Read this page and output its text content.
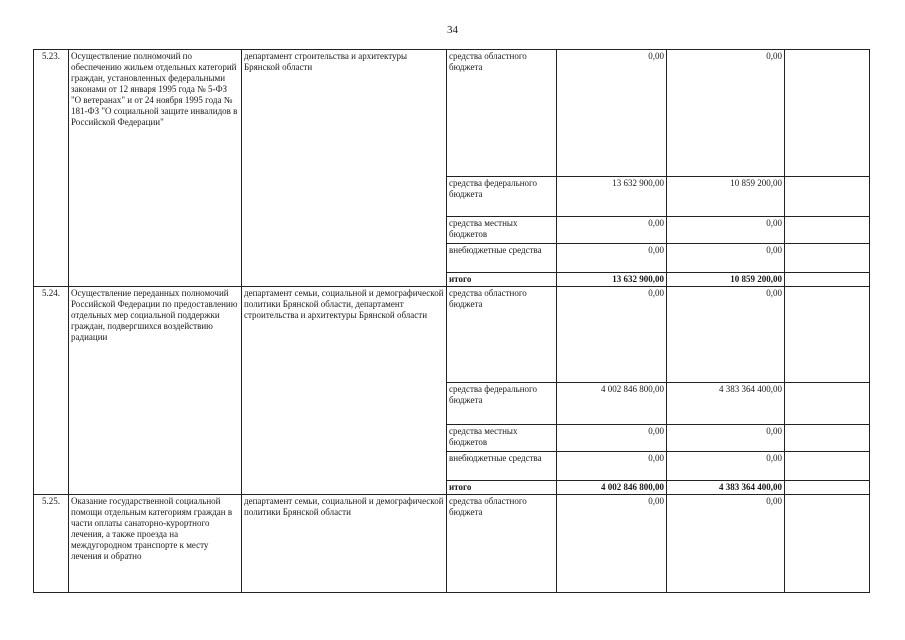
34
5.23.	Осуществление полномочий по обеспечению жильем отдельных категорий граждан, установленных федеральными законами от 12 января 1995 года № 5-ФЗ "О ветеранах" и от 24 ноября 1995 года № 181-ФЗ "О социальной защите инвалидов в Российской Федерации"	департамент строительства и архитектуры Брянской области	средства областного бюджета	0,00	0,00	
			средства федерального бюджета	13 632 900,00	10 859 200,00	
			средства местных бюджетов	0,00	0,00	
			внебюджетные средства	0,00	0,00	
			итого	13 632 900,00	10 859 200,00	
5.24.	Осуществление переданных полномочий Российской Федерации по предоставлению отдельных мер социальной поддержки граждан, подвергшихся воздействию радиации	департамент семьи, социальной и демографической политики Брянской области, департамент строительства и архитектуры Брянской области	средства областного бюджета	0,00	0,00	
			средства федерального бюджета	4 002 846 800,00	4 383 364 400,00	
			средства местных бюджетов	0,00	0,00	
			внебюджетные средства	0,00	0,00	
			итого	4 002 846 800,00	4 383 364 400,00	
5.25.	Оказание государственной социальной помощи отдельным категориям граждан в части оплаты санаторно-курортного лечения, а также проезда на междугородном транспорте к месту лечения и обратно	департамент семьи, социальной и демографической политики Брянской области	средства областного бюджета	0,00	0,00	
